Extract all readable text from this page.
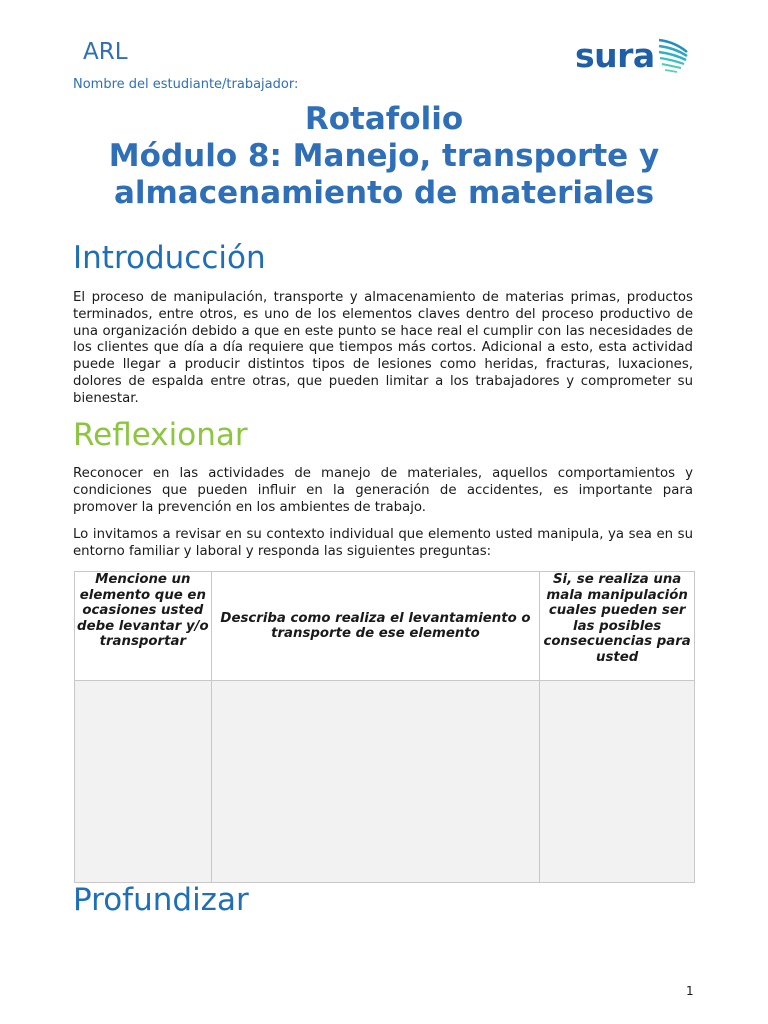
ARL	sura
Nombre del estudiante/trabajador:
Rotafolio
Módulo 8: Manejo, transporte y
almacenamiento de materiales
Introducción
El proceso de manipulación, transporte y almacenamiento de materias primas, productos terminados, entre otros, es uno de los elementos claves dentro del proceso productivo de una organización debido a que en este punto se hace real el cumplir con las necesidades de los clientes que día a día requiere que tiempos más cortos. Adicional a esto, esta actividad puede llegar a producir distintos tipos de lesiones como heridas, fracturas, luxaciones, dolores de espalda entre otras, que pueden limitar a los trabajadores y comprometer su bienestar.
Reflexionar
Reconocer en las actividades de manejo de materiales, aquellos comportamientos y condiciones que pueden influir en la generación de accidentes, es importante para promover la prevención en los ambientes de trabajo.
Lo invitamos a revisar en su contexto individual que elemento usted manipula, ya sea en su entorno familiar y laboral y responda las siguientes preguntas:
Mencione un elemento que en ocasiones usted debe levantar y/o transportar	Describa como realiza el levantamiento o transporte de ese elemento	Si, se realiza una mala manipulación cuales pueden ser las posibles consecuencias para usted

Profundizar
1
